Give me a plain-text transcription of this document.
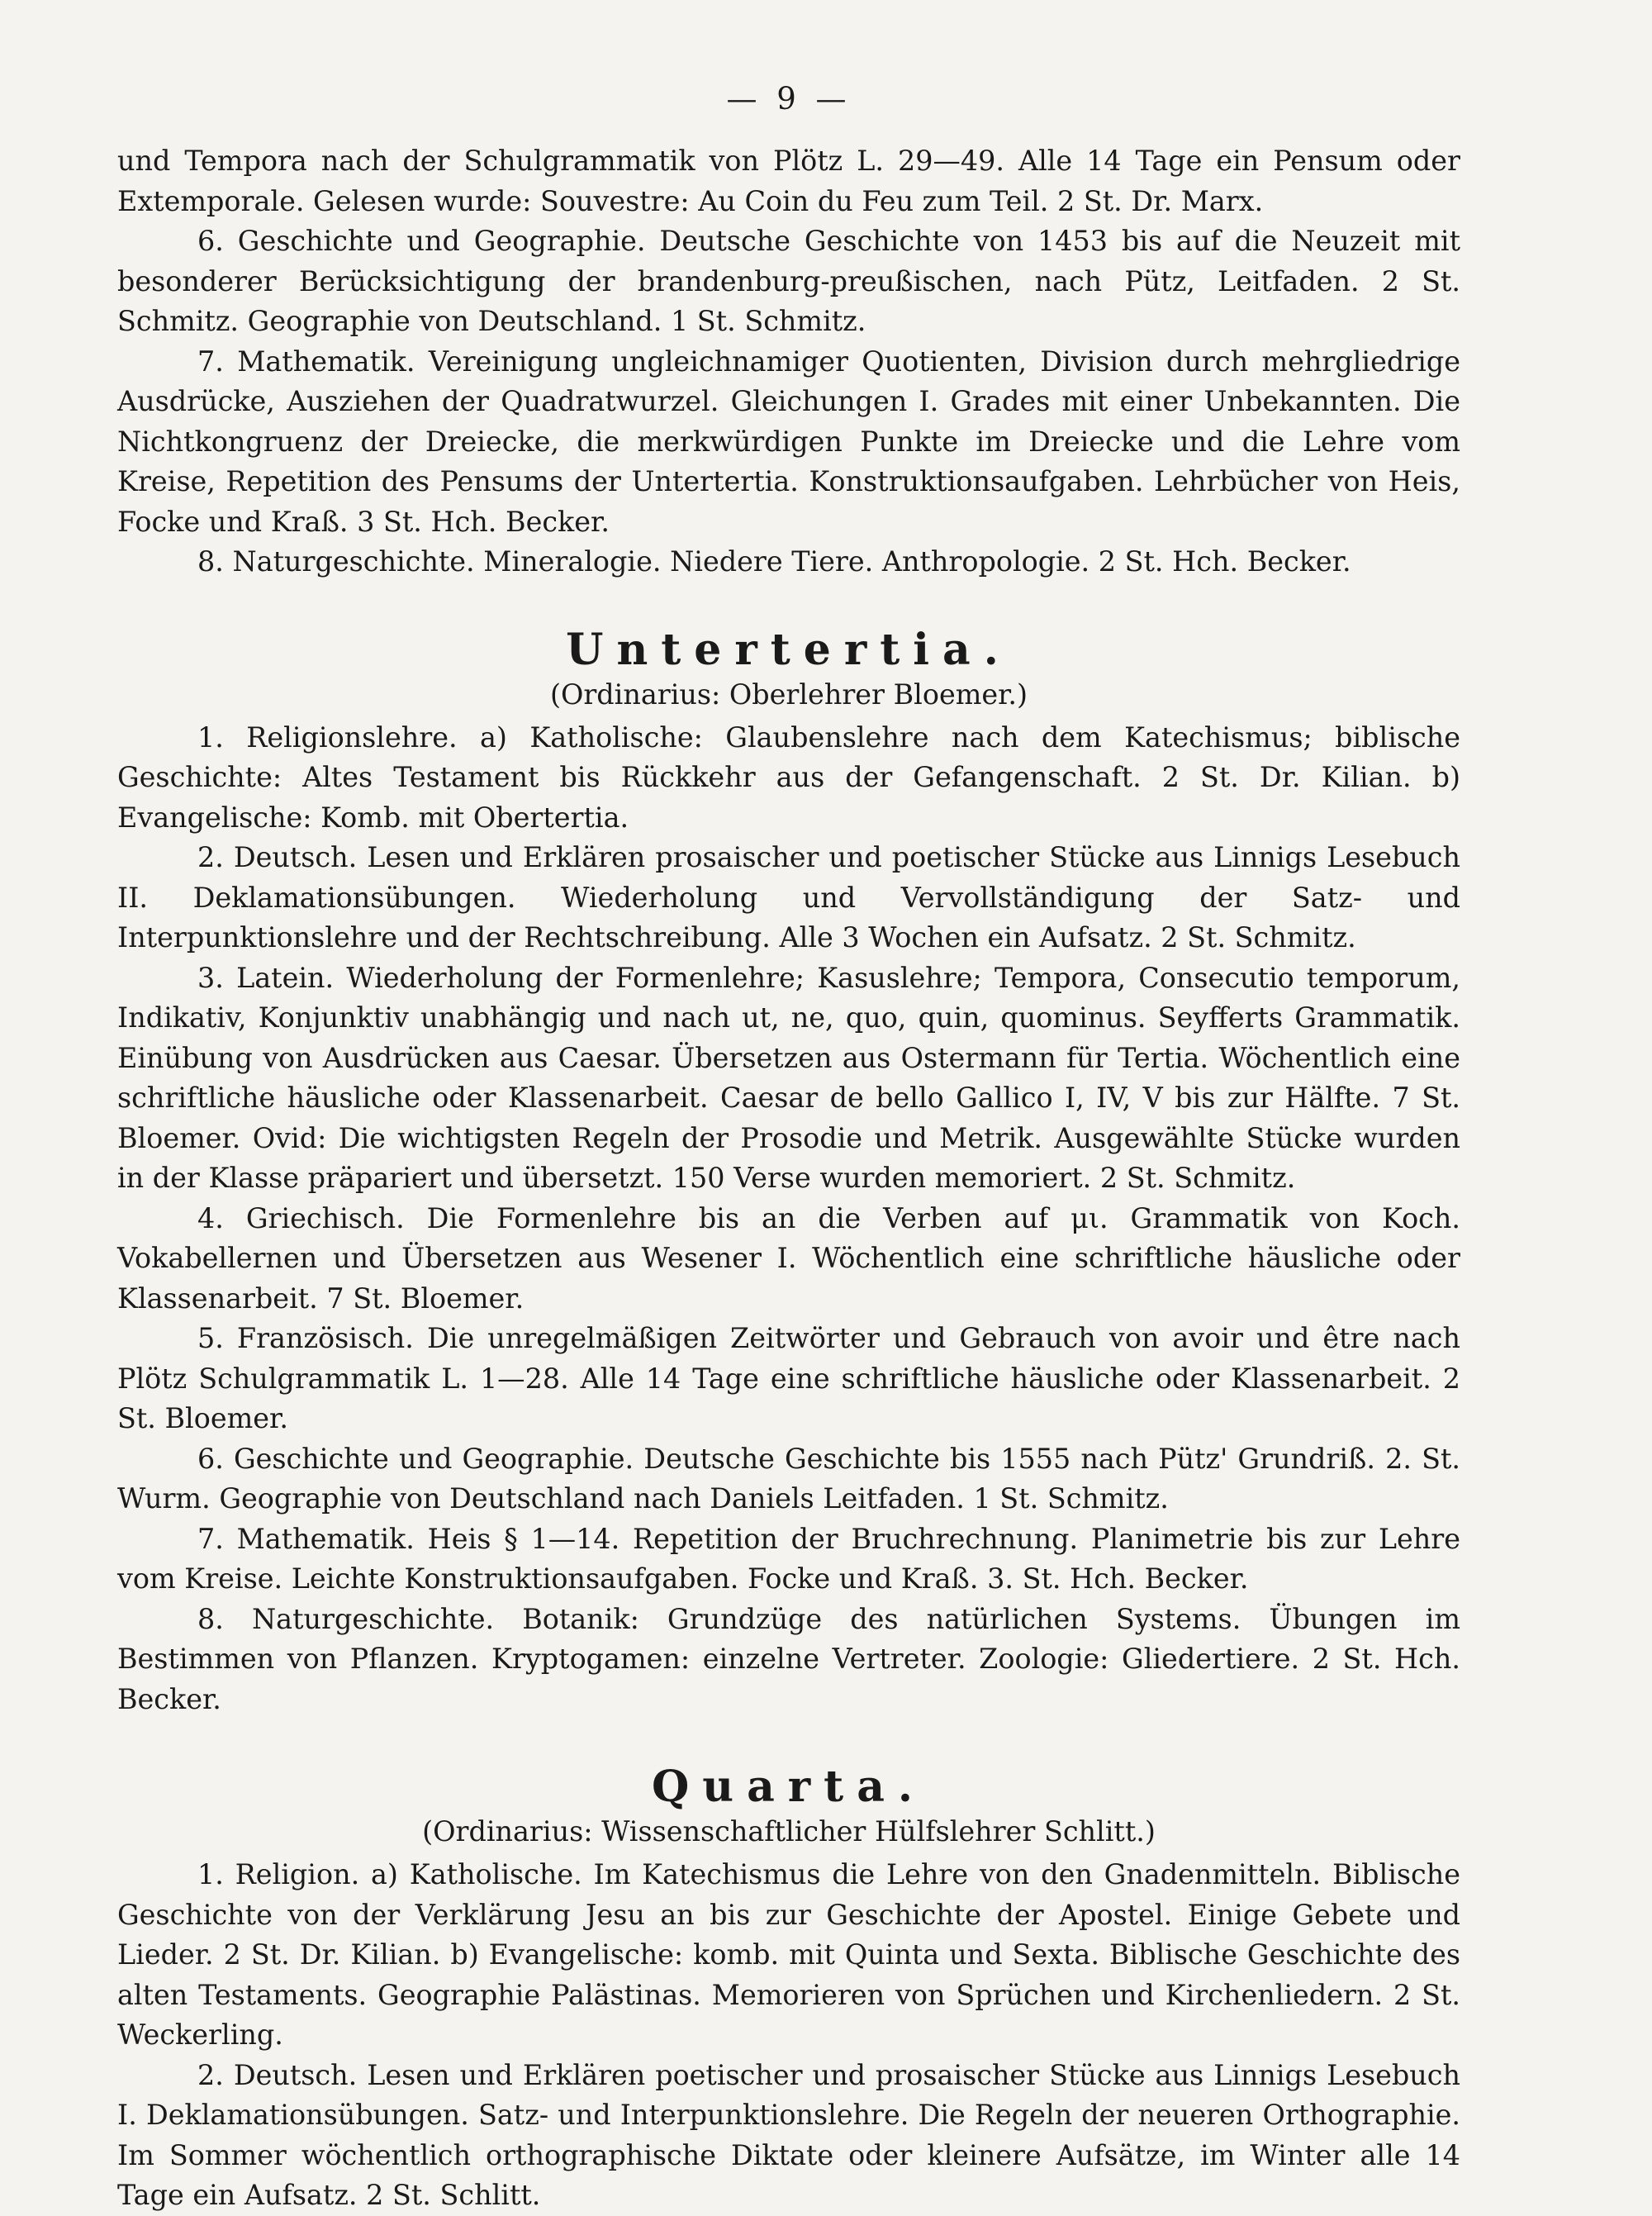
— 9 —

und Tempora nach der Schulgrammatik von Plötz L. 29—49. Alle 14 Tage ein Pensum oder Extemporale. Gelesen wurde: Souvestre: Au Coin du Feu zum Teil. 2 St. Dr. Marx.

6. Geschichte und Geographie. Deutsche Geschichte von 1453 bis auf die Neuzeit mit besonderer Berücksichtigung der brandenburg-preußischen, nach Pütz, Leitfaden. 2 St. Schmitz. Geographie von Deutschland. 1 St. Schmitz.

7. Mathematik. Vereinigung ungleichnamiger Quotienten, Division durch mehrgliedrige Ausdrücke, Ausziehen der Quadratwurzel. Gleichungen I. Grades mit einer Unbekannten. Die Nichtkongruenz der Dreiecke, die merkwürdigen Punkte im Dreiecke und die Lehre vom Kreise, Repetition des Pensums der Untertertia. Konstruktionsaufgaben. Lehrbücher von Heis, Focke und Kraß. 3 St. Hch. Becker.

8. Naturgeschichte. Mineralogie. Niedere Tiere. Anthropologie. 2 St. Hch. Becker.

Untertertia.
(Ordinarius: Oberlehrer Bloemer.)

1. Religionslehre. a) Katholische: Glaubenslehre nach dem Katechismus; biblische Geschichte: Altes Testament bis Rückkehr aus der Gefangenschaft. 2 St. Dr. Kilian. b) Evangelische: Komb. mit Obertertia.

2. Deutsch. Lesen und Erklären prosaischer und poetischer Stücke aus Linnigs Lesebuch II. Deklamationsübungen. Wiederholung und Vervollständigung der Satz- und Interpunktionslehre und der Rechtschreibung. Alle 3 Wochen ein Aufsatz. 2 St. Schmitz.

3. Latein. Wiederholung der Formenlehre; Kasuslehre; Tempora, Consecutio temporum, Indikativ, Konjunktiv unabhängig und nach ut, ne, quo, quin, quominus. Seyfferts Grammatik. Einübung von Ausdrücken aus Caesar. Übersetzen aus Ostermann für Tertia. Wöchentlich eine schriftliche häusliche oder Klassenarbeit. Caesar de bello Gallico I, IV, V bis zur Hälfte. 7 St. Bloemer. Ovid: Die wichtigsten Regeln der Prosodie und Metrik. Ausgewählte Stücke wurden in der Klasse präpariert und übersetzt. 150 Verse wurden memoriert. 2 St. Schmitz.

4. Griechisch. Die Formenlehre bis an die Verben auf μι. Grammatik von Koch. Vokabellernen und Übersetzen aus Wesener I. Wöchentlich eine schriftliche häusliche oder Klassenarbeit. 7 St. Bloemer.

5. Französisch. Die unregelmäßigen Zeitwörter und Gebrauch von avoir und être nach Plötz Schulgrammatik L. 1—28. Alle 14 Tage eine schriftliche häusliche oder Klassenarbeit. 2 St. Bloemer.

6. Geschichte und Geographie. Deutsche Geschichte bis 1555 nach Pütz' Grundriß. 2. St. Wurm. Geographie von Deutschland nach Daniels Leitfaden. 1 St. Schmitz.

7. Mathematik. Heis § 1—14. Repetition der Bruchrechnung. Planimetrie bis zur Lehre vom Kreise. Leichte Konstruktionsaufgaben. Focke und Kraß. 3. St. Hch. Becker.

8. Naturgeschichte. Botanik: Grundzüge des natürlichen Systems. Übungen im Bestimmen von Pflanzen. Kryptogamen: einzelne Vertreter. Zoologie: Gliedertiere. 2 St. Hch. Becker.

Quarta.
(Ordinarius: Wissenschaftlicher Hülfslehrer Schlitt.)

1. Religion. a) Katholische. Im Katechismus die Lehre von den Gnadenmitteln. Biblische Geschichte von der Verklärung Jesu an bis zur Geschichte der Apostel. Einige Gebete und Lieder. 2 St. Dr. Kilian. b) Evangelische: komb. mit Quinta und Sexta. Biblische Geschichte des alten Testaments. Geographie Palästinas. Memorieren von Sprüchen und Kirchenliedern. 2 St. Weckerling.

2. Deutsch. Lesen und Erklären poetischer und prosaischer Stücke aus Linnigs Lesebuch I. Deklamationsübungen. Satz- und Interpunktionslehre. Die Regeln der neueren Orthographie. Im Sommer wöchentlich orthographische Diktate oder kleinere Aufsätze, im Winter alle 14 Tage ein Aufsatz. 2 St. Schlitt.
